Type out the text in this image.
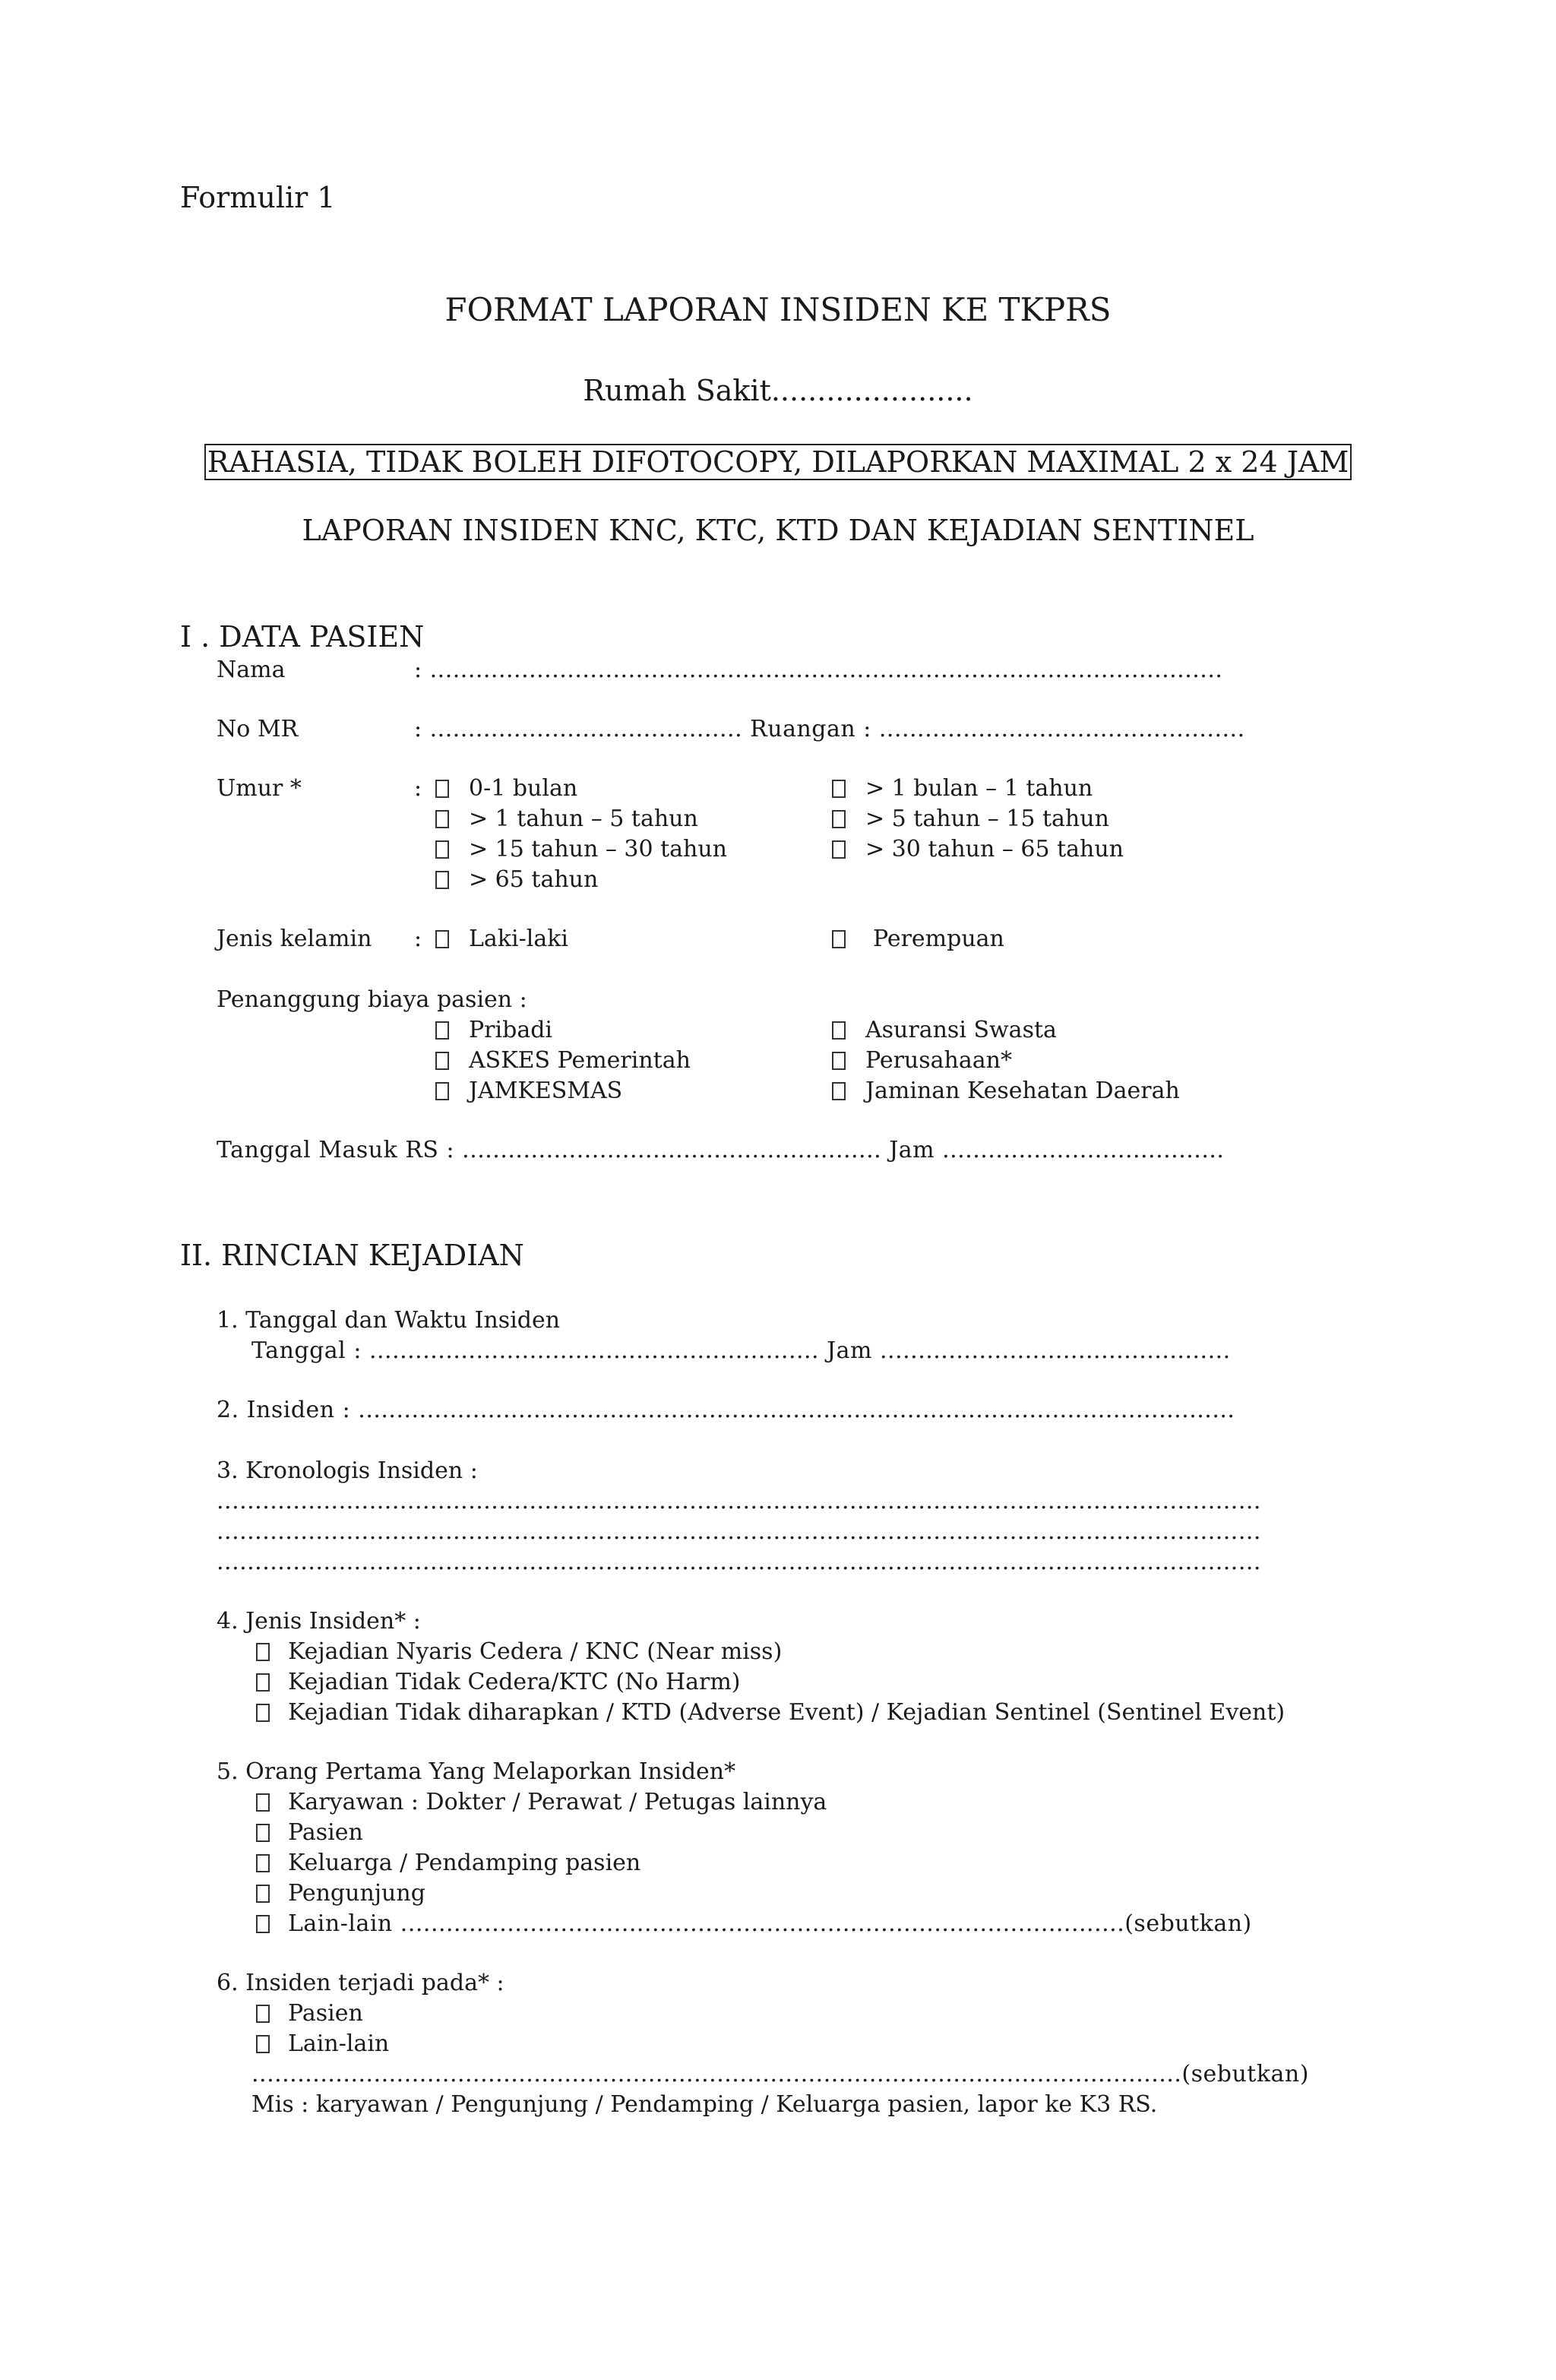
Formulir 1
FORMAT LAPORAN INSIDEN KE TKPRS
Rumah Sakit......................
RAHASIA, TIDAK BOLEH DIFOTOCOPY, DILAPORKAN MAXIMAL 2 x 24 JAM
LAPORAN INSIDEN KNC, KTC, KTD DAN KEJADIAN SENTINEL
I . DATA PASIEN
Nama	: ........................................................................................................
No MR	: ......................................... Ruangan : ................................................
Umur *	: 0-1 bulan	> 1 bulan – 1 tahun
> 1 tahun – 5 tahun	> 5 tahun – 15 tahun
> 15 tahun – 30 tahun	> 30 tahun – 65 tahun
> 65 tahun
Jenis kelamin : Laki-laki	Perempuan
Penanggung biaya pasien :
Pribadi	Asuransi Swasta
ASKES Pemerintah	Perusahaan*
JAMKESMAS	Jaminan Kesehatan Daerah
Tanggal Masuk RS : ....................................................... Jam .....................................
II. RINCIAN KEJADIAN
1. Tanggal dan Waktu Insiden
Tanggal : ........................................................... Jam ..............................................
2. Insiden : ...................................................................................................................
3. Kronologis Insiden :
.........................................................................................................................................
.........................................................................................................................................
.........................................................................................................................................
4. Jenis Insiden* :
Kejadian Nyaris Cedera / KNC (Near miss)
Kejadian Tidak Cedera/KTC (No Harm)
Kejadian Tidak diharapkan / KTD (Adverse Event) / Kejadian Sentinel (Sentinel Event)
5. Orang Pertama Yang Melaporkan Insiden*
Karyawan : Dokter / Perawat / Petugas lainnya
Pasien
Keluarga / Pendamping pasien
Pengunjung
Lain-lain ...............................................................................................(sebutkan)
6. Insiden terjadi pada* :
Pasien
Lain-lain
..........................................................................................................................(sebutkan)
Mis : karyawan / Pengunjung / Pendamping / Keluarga pasien, lapor ke K3 RS.
